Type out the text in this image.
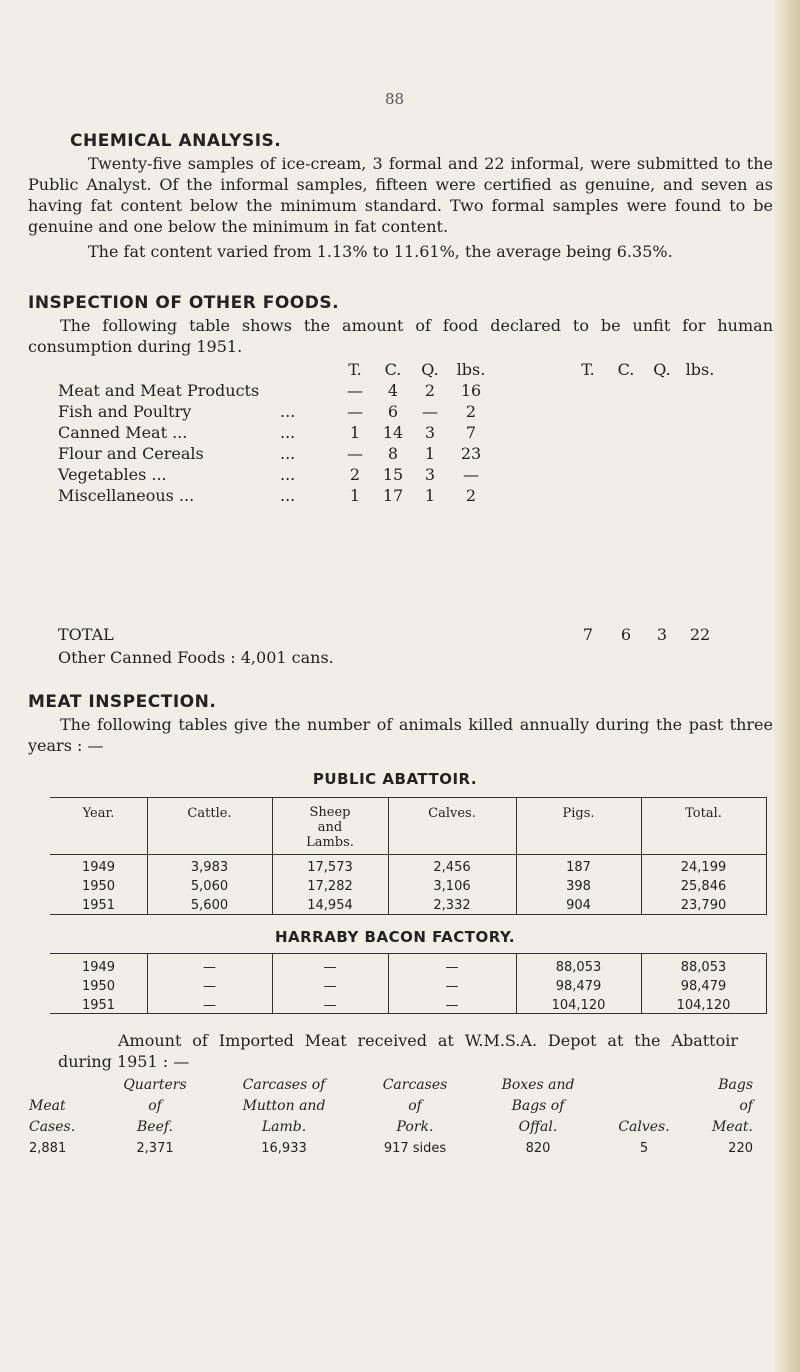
88
CHEMICAL ANALYSIS.

Twenty-five samples of ice-cream, 3 formal and 22 informal, were submitted to the Public Analyst. Of the informal samples, fifteen were certified as genuine, and seven as having fat content below the minimum standard. Two formal samples were found to be genuine and one below the minimum in fat content.

The fat content varied from 1.13% to 11.61%, the average being 6.35%.

INSPECTION OF OTHER FOODS.

The following table shows the amount of food declared to be unfit for human consumption during 1951.

		T.	C.	Q.	lbs.
Meat and Meat Products		—	4	2	16
Fish and Poultry	...	—	6	—	2
Canned Meat ...	...	1	14	3	7
Flour and Cereals	...	—	8	1	23
Vegetables ...	...	2	15	3	—
Miscellaneous ...	...	1	17	1	2
T.	C.	Q.	lbs.
TOTAL	7	6	3	22
Other Canned Foods : 4,001 cans.
MEAT INSPECTION.

The following tables give the number of animals killed annually during the past three years : —

PUBLIC ABATTOIR.
Year.	Cattle.	Sheep and Lambs.	Calves.	Pigs.	Total.
1949	3,983	17,573	2,456	187	24,199
1950	5,060	17,282	3,106	398	25,846
1951	5,600	14,954	2,332	904	23,790
HARRABY BACON FACTORY.
1949	—	—	—	88,053	88,053
1950	—	—	—	98,479	98,479
1951	—	—	—	104,120	104,120

Amount of Imported Meat received at W.M.S.A. Depot at the Abattoir during 1951 : —

	Quarters	Carcases of	Carcases	Boxes and		Bags
Meat	of	Mutton and	of	Bags of		of
Cases.	Beef.	Lamb.	Pork.	Offal.	Calves.	Meat.
2,881	2,371	16,933	917 sides	820	5	220
